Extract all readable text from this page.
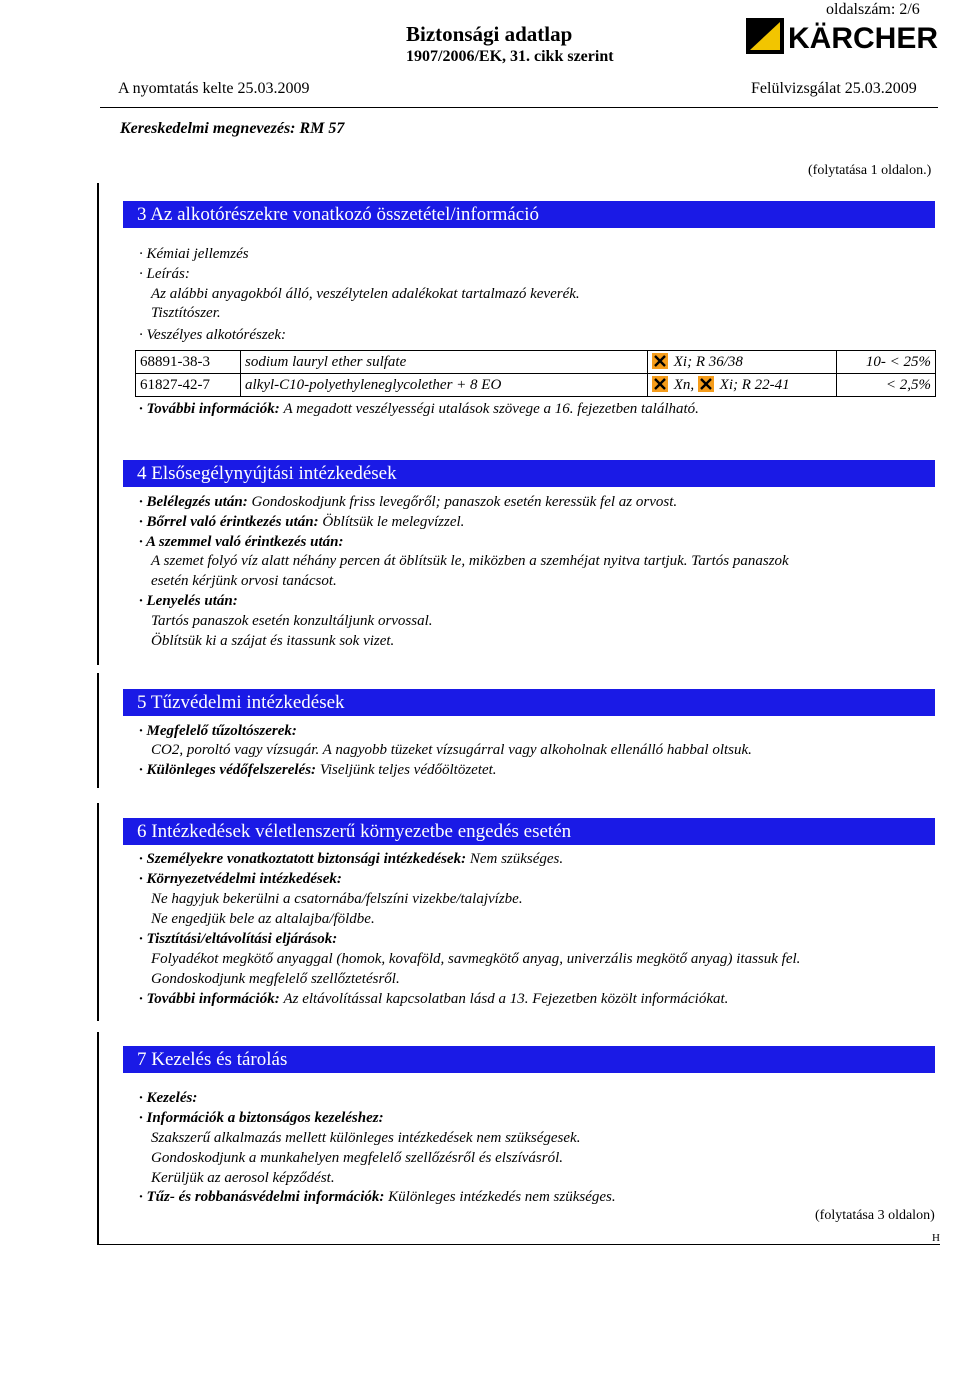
oldalszám: 2/6
Biztonsági adatlap
1907/2006/EK, 31. cikk szerint
KÄRCHER
A nyomtatás kelte 25.03.2009	Felülvizsgálat 25.03.2009
Kereskedelmi megnevezés: RM 57
(folytatása 1 oldalon.)
3 Az alkotórészekre vonatkozó összetétel/információ
· Kémiai jellemzés
· Leírás:
Az alábbi anyagokból álló, veszélytelen adalékokat tartalmazó keverék.
Tisztítószer.
· Veszélyes alkotórészek:
· További információk: A megadott veszélyességi utalások szövege a 16. fejezetben található.
68891-38-3	sodium lauryl ether sulfate	Xi; R 36/38	10- < 25%
61827-42-7	alkyl-C10-polyethyleneglycolether + 8 EO	Xn, Xi; R 22-41	< 2,5%
4 Elsősegélynyújtási intézkedések
· Belélegzés után: Gondoskodjunk friss levegőről; panaszok esetén keressük fel az orvost.
· Bőrrel való érintkezés után: Öblítsük le melegvízzel.
· A szemmel való érintkezés után:
A szemet folyó víz alatt néhány percen át öblítsük le, miközben a szemhéjat nyitva tartjuk. Tartós panaszok
esetén kérjünk orvosi tanácsot.
· Lenyelés után:
Tartós panaszok esetén konzultáljunk orvossal.
Öblítsük ki a szájat és itassunk sok vizet.
5 Tűzvédelmi intézkedések
· Megfelelő tűzoltószerek:
CO2, poroltó vagy vízsugár. A nagyobb tüzeket vízsugárral vagy alkoholnak ellenálló habbal oltsuk.
· Különleges védőfelszerelés: Viseljünk teljes védőöltözetet.
6 Intézkedések véletlenszerű környezetbe engedés esetén
· Személyekre vonatkoztatott biztonsági intézkedések: Nem szükséges.
· Környezetvédelmi intézkedések:
Ne hagyjuk bekerülni a csatornába/felszíni vizekbe/talajvízbe.
Ne engedjük bele az altalajba/földbe.
· Tisztítási/eltávolítási eljárások:
Folyadékot megkötő anyaggal (homok, kovaföld, savmegkötő anyag, univerzális megkötő anyag) itassuk fel.
Gondoskodjunk megfelelő szellőztetésről.
· További információk: Az eltávolítással kapcsolatban lásd a 13. Fejezetben közölt információkat.
7 Kezelés és tárolás
· Kezelés:
· Információk a biztonságos kezeléshez:
Szakszerű alkalmazás mellett különleges intézkedések nem szükségesek.
Gondoskodjunk a munkahelyen megfelelő szellőzésről és elszívásról.
Kerüljük az aerosol képződést.
· Tűz- és robbanásvédelmi információk: Különleges intézkedés nem szükséges.
(folytatása 3 oldalon)
H
